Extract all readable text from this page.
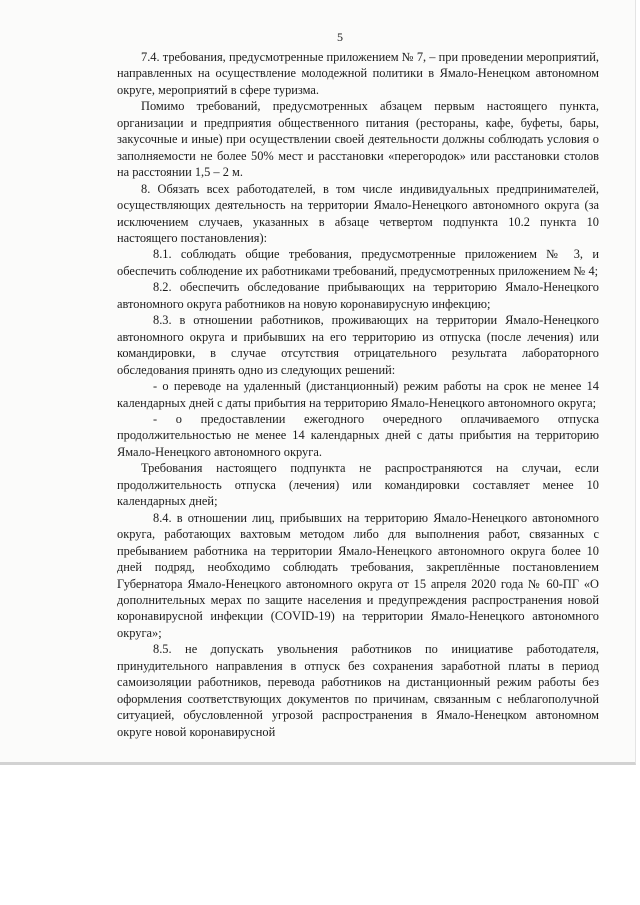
5

7.4. требования, предусмотренные приложением № 7, – при проведении мероприятий, направленных на осуществление молодежной политики в Ямало-Ненецком автономном округе, мероприятий в сфере туризма.

Помимо требований, предусмотренных абзацем первым настоящего пункта, организации и предприятия общественного питания (рестораны, кафе, буфеты, бары, закусочные и иные) при осуществлении своей деятельности должны соблюдать условия о заполняемости не более 50% мест и расстановки «перегородок» или расстановки столов на расстоянии 1,5 – 2 м.

8. Обязать всех работодателей, в том числе индивидуальных предпринимателей, осуществляющих деятельность на территории Ямало-Ненецкого автономного округа (за исключением случаев, указанных в абзаце четвертом подпункта 10.2 пункта 10 настоящего постановления):

8.1. соблюдать общие требования, предусмотренные приложением № 3, и обеспечить соблюдение их работниками требований, предусмотренных приложением № 4;

8.2. обеспечить обследование прибывающих на территорию Ямало-Ненецкого автономного округа работников на новую коронавирусную инфекцию;

8.3. в отношении работников, проживающих на территории Ямало-Ненецкого автономного округа и прибывших на его территорию из отпуска (после лечения) или командировки, в случае отсутствия отрицательного результата лабораторного обследования принять одно из следующих решений:

- о переводе на удаленный (дистанционный) режим работы на срок не менее 14 календарных дней с даты прибытия на территорию Ямало-Ненецкого автономного округа;

- о предоставлении ежегодного очередного оплачиваемого отпуска продолжительностью не менее 14 календарных дней с даты прибытия на территорию Ямало-Ненецкого автономного округа.

Требования настоящего подпункта не распространяются на случаи, если продолжительность отпуска (лечения) или командировки составляет менее 10 календарных дней;

8.4. в отношении лиц, прибывших на территорию Ямало-Ненецкого автономного округа, работающих вахтовым методом либо для выполнения работ, связанных с пребыванием работника на территории Ямало-Ненецкого автономного округа более 10 дней подряд, необходимо соблюдать требования, закреплённые постановлением Губернатора Ямало-Ненецкого автономного округа от 15 апреля 2020 года № 60-ПГ «О дополнительных мерах по защите населения и предупреждения распространения новой коронавирусной инфекции (COVID-19) на территории Ямало-Ненецкого автономного округа»;

8.5. не допускать увольнения работников по инициативе работодателя, принудительного направления в отпуск без сохранения заработной платы в период самоизоляции работников, перевода работников на дистанционный режим работы без оформления соответствующих документов по причинам, связанным с неблагополучной ситуацией, обусловленной угрозой распространения в Ямало-Ненецком автономном округе новой коронавирусной
